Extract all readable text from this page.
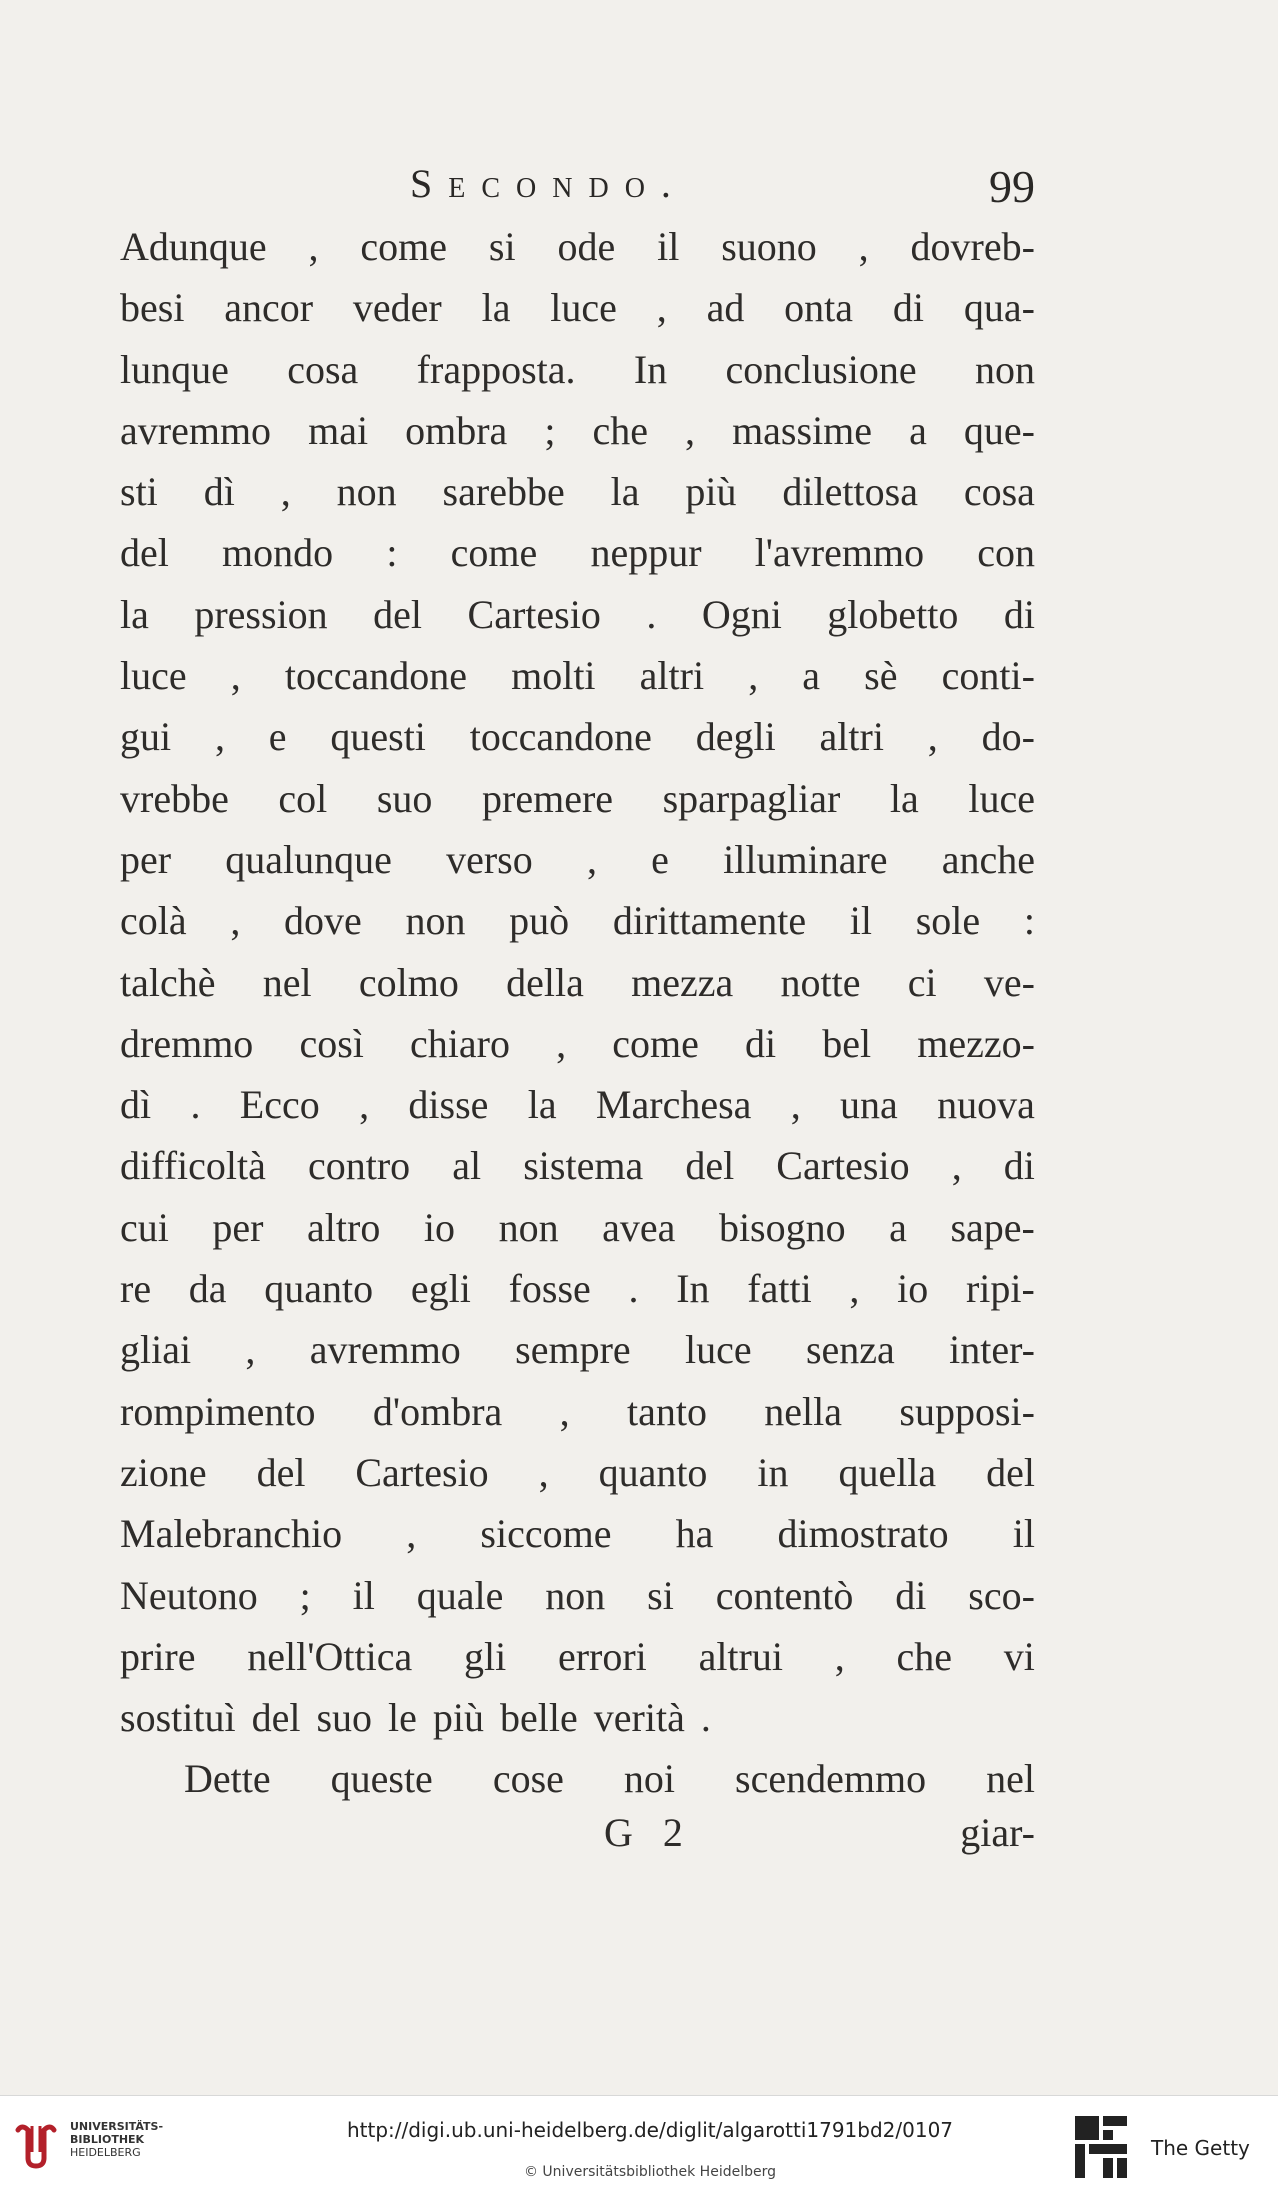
Secondo.	99
Adunque , come si ode il suono , dovreb-
besi ancor veder la luce , ad onta di qua-
lunque cosa frapposta. In conclusione non
avremmo mai ombra ; che , massime a que-
sti dì , non sarebbe la più dilettosa cosa
del mondo : come neppur l'avremmo con
la pression del Cartesio . Ogni globetto di
luce , toccandone molti altri , a sè conti-
gui , e questi toccandone degli altri , do-
vrebbe col suo premere sparpagliar la luce
per qualunque verso , e illuminare anche
colà , dove non può dirittamente il sole :
talchè nel colmo della mezza notte ci ve-
dremmo così chiaro , come di bel mezzo-
dì . Ecco , disse la Marchesa , una nuova
difficoltà contro al sistema del Cartesio , di
cui per altro io non avea bisogno a sape-
re da quanto egli fosse . In fatti , io ripi-
gliai , avremmo sempre luce senza inter-
rompimento d'ombra , tanto nella supposi-
zione del Cartesio , quanto in quella del
Malebranchio , siccome ha dimostrato il
Neutono ; il quale non si contentò di sco-
prire nell'Ottica gli errori altrui , che vi
sostituì del suo le più belle verità .
Dette queste cose noi scendemmo nel
G 2	giar-
UNIVERSITÄTS-
BIBLIOTHEK
HEIDELBERG
http://digi.ub.uni-heidelberg.de/diglit/algarotti1791bd2/0107
© Universitätsbibliothek Heidelberg
The Getty
